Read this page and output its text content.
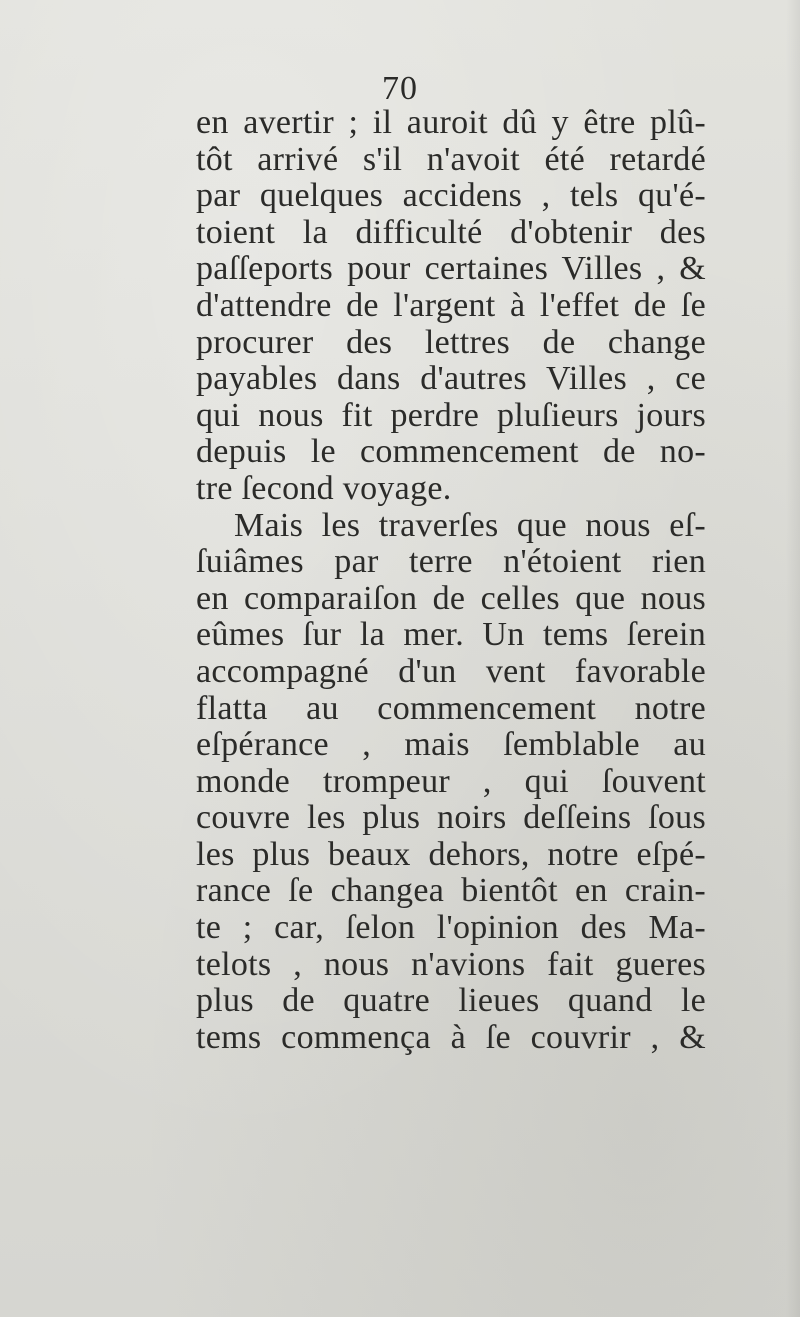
70
en avertir ; il auroit dû y être plû-
tôt arrivé s'il n'avoit été retardé
par quelques accidens , tels qu'é-
toient la difficulté d'obtenir des
paſſeports pour certaines Villes , &
d'attendre de l'argent à l'effet de ſe
procurer des lettres de change
payables dans d'autres Villes , ce
qui nous fit perdre pluſieurs jours
depuis le commencement de no-
tre ſecond voyage.
Mais les traverſes que nous eſ-
ſuiâmes par terre n'étoient rien
en comparaiſon de celles que nous
eûmes ſur la mer. Un tems ſerein
accompagné d'un vent favorable
flatta au commencement notre
eſpérance , mais ſemblable au
monde trompeur , qui ſouvent
couvre les plus noirs deſſeins ſous
les plus beaux dehors, notre eſpé-
rance ſe changea bientôt en crain-
te ; car, ſelon l'opinion des Ma-
telots , nous n'avions fait gueres
plus de quatre lieues quand le
tems commença à ſe couvrir , &
